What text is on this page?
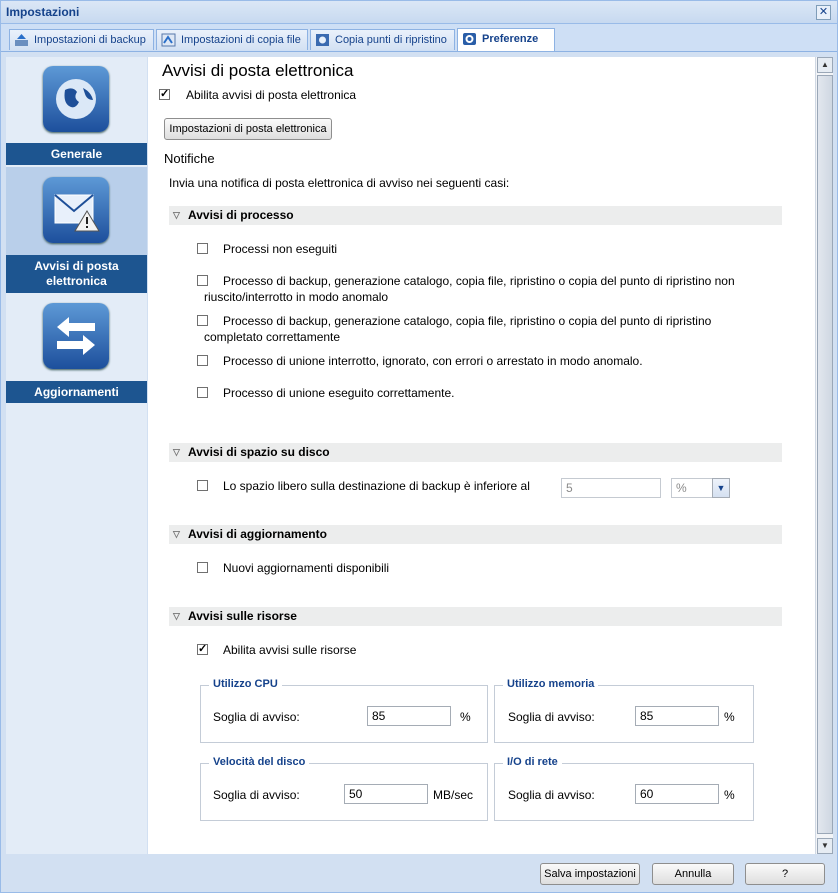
Impostazioni	✕
Impostazioni di backup	Impostazioni di copia file	Copia punti di ripristino	Preferenze
Generale
Avvisi di posta elettronica
Aggiornamenti
Avvisi di posta elettronica
✓
Abilita avvisi di posta elettronica
Impostazioni di posta elettronica
Notifiche
Invia una notifica di posta elettronica di avviso nei seguenti casi:
▽ Avvisi di processo
Processi non eseguiti
Processo di backup, generazione catalogo, copia file, ripristino o copia del punto di ripristino non
riuscito/interrotto in modo anomalo
Processo di backup, generazione catalogo, copia file, ripristino o copia del punto di ripristino
completato correttamente
Processo di unione interrotto, ignorato, con errori o arrestato in modo anomalo.
Processo di unione eseguito correttamente.
▽ Avvisi di spazio su disco
Lo spazio libero sulla destinazione di backup è inferiore al	5	%	▼
▽ Avvisi di aggiornamento
Nuovi aggiornamenti disponibili
▽ Avvisi sulle risorse
✓
Abilita avvisi sulle risorse
Utilizzo CPU
Soglia di avviso:	85	%
Utilizzo memoria
Soglia di avviso:	85	%
Velocità del disco
Soglia di avviso:	50	MB/sec
I/O di rete
Soglia di avviso:	60	%
▲
▼
Salva impostazioni	Annulla	?
